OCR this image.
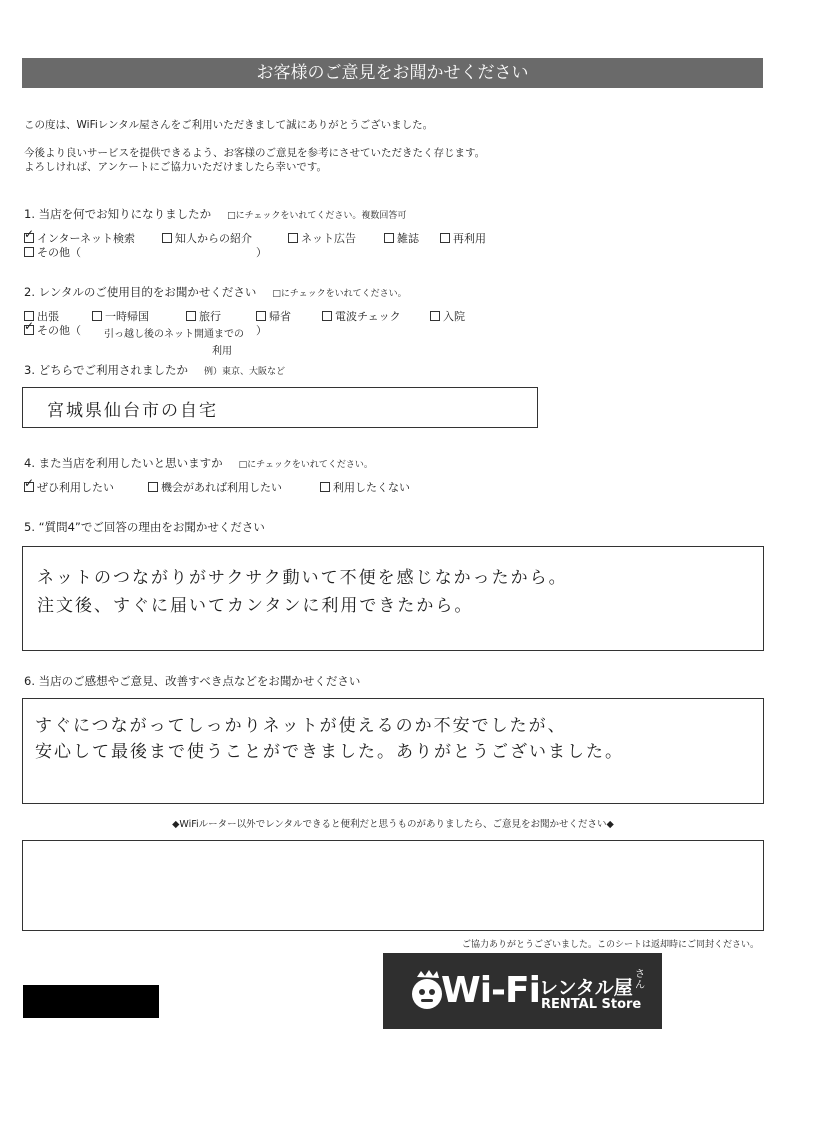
お客様のご意見をお聞かせください
この度は、WiFiレンタル屋さんをご利用いただきまして誠にありがとうございました。
今後より良いサービスを提供できるよう、お客様のご意見を参考にさせていただきたく存じます。
よろしければ、アンケートにご協力いただけましたら幸いです。
1. 当店を何でお知りになりましたか □にチェックをいれてください。複数回答可
✓インターネット検索	知人からの紹介	ネット広告	雑誌	再利用
その他（	）
2. レンタルのご使用目的をお聞かせください □にチェックをいれてください。
出張	一時帰国	旅行	帰省	電波チェック	入院
✓その他（ 引っ越し後のネット開通までの ）
利用
3. どちらでご利用されましたか 例）東京、大阪など
宮城県仙台市の自宅
4. また当店を利用したいと思いますか □にチェックをいれてください。
✓ぜひ利用したい	機会があれば利用したい	利用したくない
5. “質問4”でご回答の理由をお聞かせください
ネットのつながりがサクサク動いて不便を感じなかったから。
注文後、すぐに届いてカンタンに利用できたから。
6. 当店のご感想やご意見、改善すべき点などをお聞かせください
すぐにつながってしっかりネットが使えるのか不安でしたが、
安心して最後まで使うことができました。ありがとうございました。
◆WiFiルーター以外でレンタルできると便利だと思うものがありましたら、ご意見をお聞かせください◆
ご協力ありがとうございました。このシートは返却時にご同封ください。
Wi-Fi レンタル屋
さん
RENTAL Store
